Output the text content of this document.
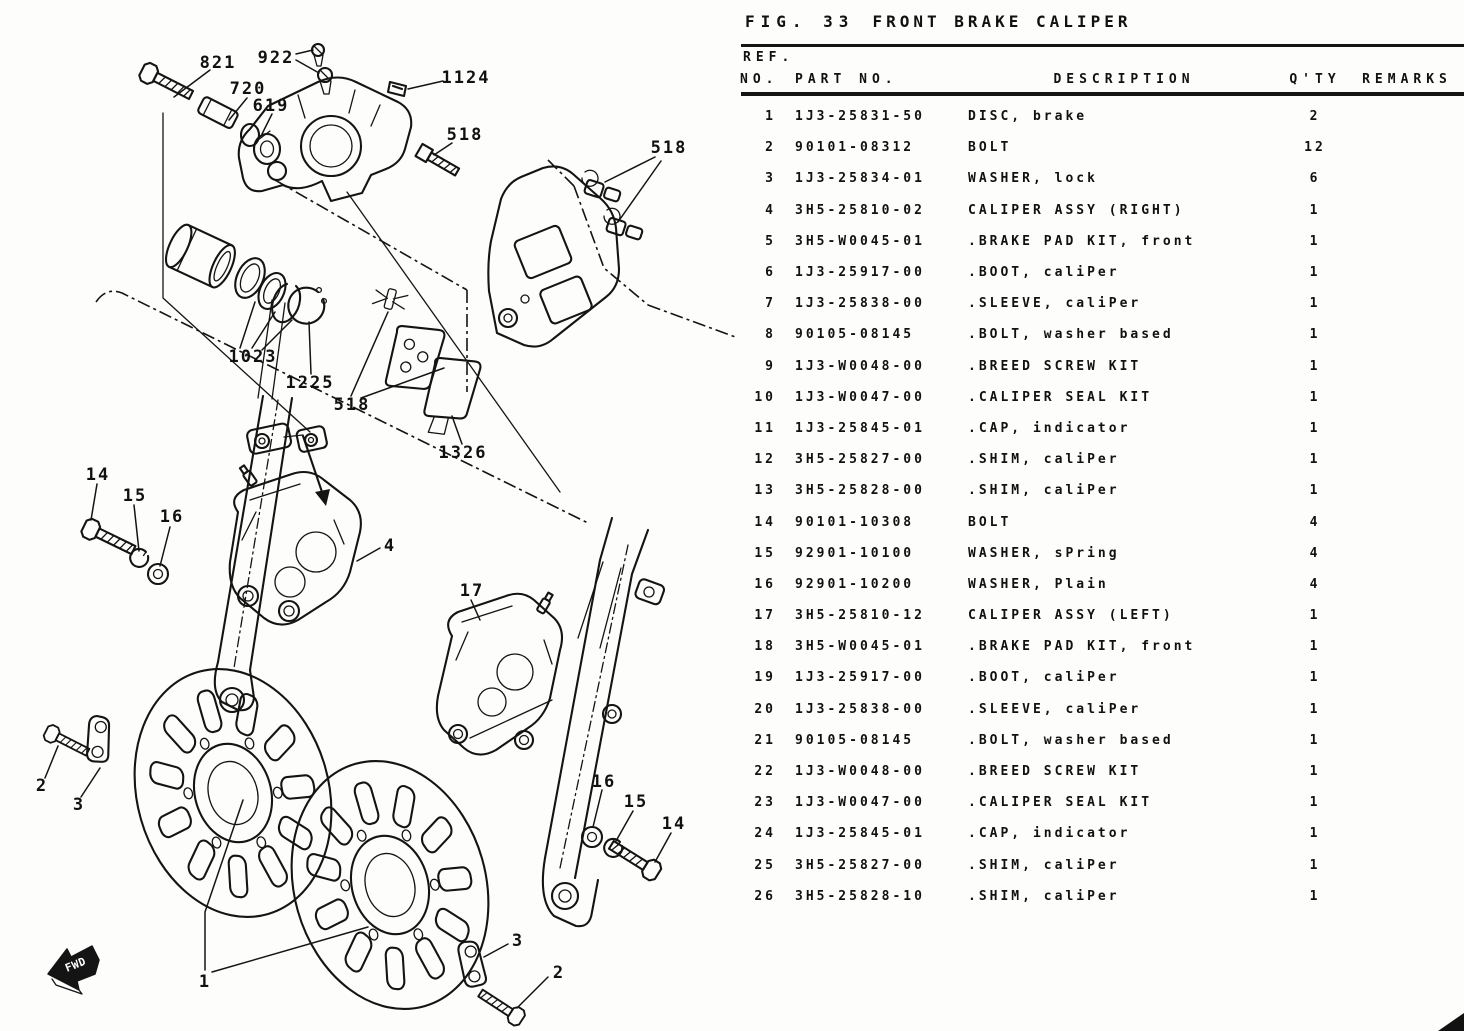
FWD
821 922
720
619
1124
518
518
1023
1225
518
1326
14
15
16
4
17
16
15
14
2
3
1
3
2
FIG. 33 FRONT BRAKE CALIPER
REF.
NO. PART NO.	DESCRIPTION	Q'TY	REMARKS
1 1J3-25831-50	DISC, brake	2
2 90101-08312	BOLT	12
3 1J3-25834-01	WASHER, lock	6
4 3H5-25810-02	CALIPER ASSY (RIGHT)	1
5 3H5-W0045-01	.BRAKE PAD KIT, front	1
6 1J3-25917-00	.BOOT, caliPer	1
7 1J3-25838-00	.SLEEVE, caliPer	1
8 90105-08145	.BOLT, washer based	1
9 1J3-W0048-00	.BREED SCREW KIT	1
10 1J3-W0047-00	.CALIPER SEAL KIT	1
11 1J3-25845-01	.CAP, indicator	1
12 3H5-25827-00	.SHIM, caliPer	1
13 3H5-25828-00	.SHIM, caliPer	1
14 90101-10308	BOLT	4
15 92901-10100	WASHER, sPring	4
16 92901-10200	WASHER, Plain	4
17 3H5-25810-12	CALIPER ASSY (LEFT)	1
18 3H5-W0045-01	.BRAKE PAD KIT, front	1
19 1J3-25917-00	.BOOT, caliPer	1
20 1J3-25838-00	.SLEEVE, caliPer	1
21 90105-08145	.BOLT, washer based	1
22 1J3-W0048-00	.BREED SCREW KIT	1
23 1J3-W0047-00	.CALIPER SEAL KIT	1
24 1J3-25845-01	.CAP, indicator	1
25 3H5-25827-00	.SHIM, caliPer	1
26 3H5-25828-10	.SHIM, caliPer	1
